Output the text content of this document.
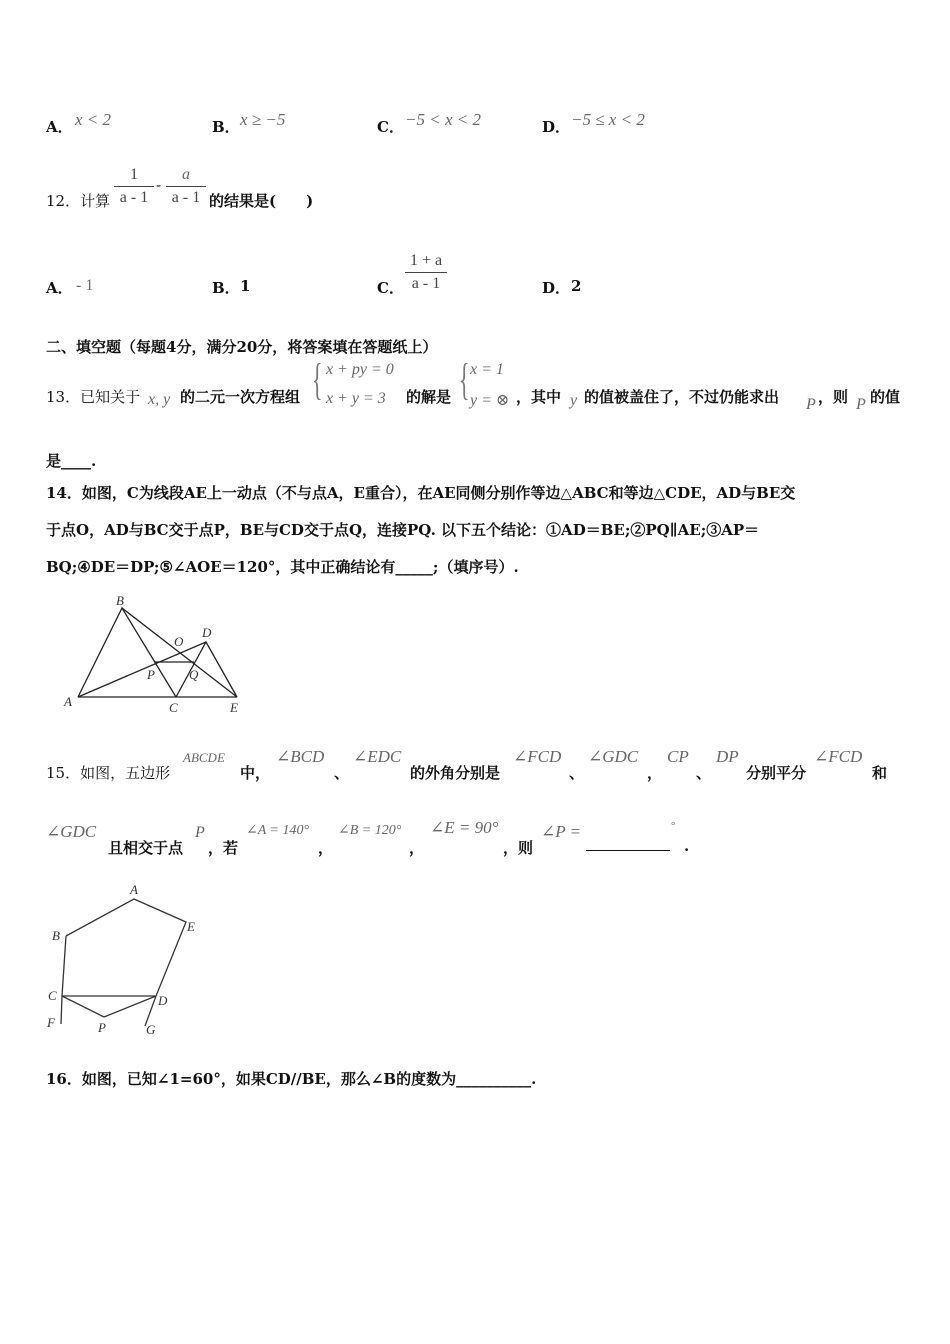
A． x < 2	B． x ≥ −5	C． −5 < x < 2	D． −5 ≤ x < 2
12．计算 $\frac{1}{a - 1} - \frac{a}{a - 1}$ 的结果是(　　)
A． - 1	B． 1	C． $\frac{1 + a}{a - 1}$	D． 2
二、填空题（每题4分，满分20分，将答案填在答题纸上）
13．已知关于 x, y 的二元一次方程组 { x + py = 0
x + y = 3 的解是 { x = 1
y = ⊗ ，其中 y 的值被盖住了，不过仍能求出 P ，则 P 的值
是____.
14．如图，C为线段AE上一动点（不与点A，E重合），在AE同侧分别作等边△ABC和等边△CDE，AD与BE交
于点O，AD与BC交于点P，BE与CD交于点Q，连接PQ. 以下五个结论：①AD＝BE;②PQ∥AE;③AP＝
BQ;④DE＝DP;⑤∠AOE＝120°，其中正确结论有_____;（填序号）.
B
A	C	E
D
O
P	Q
15．如图，五边形
ABCDE
中，
∠BCD
、
∠EDC
的外角分别是
∠FCD
、
∠GDC
，
CP
、
DP
分别平分
∠FCD
和
∠GDC
且相交于点
P
，若
∠A = 140°
，
∠B = 120°
，
∠E = 90°
，则
∠P =	°
.
A
B
E
C	D
F	P	G
16．如图，已知∠1=60°，如果CD//BE，那么∠B的度数为__________.
